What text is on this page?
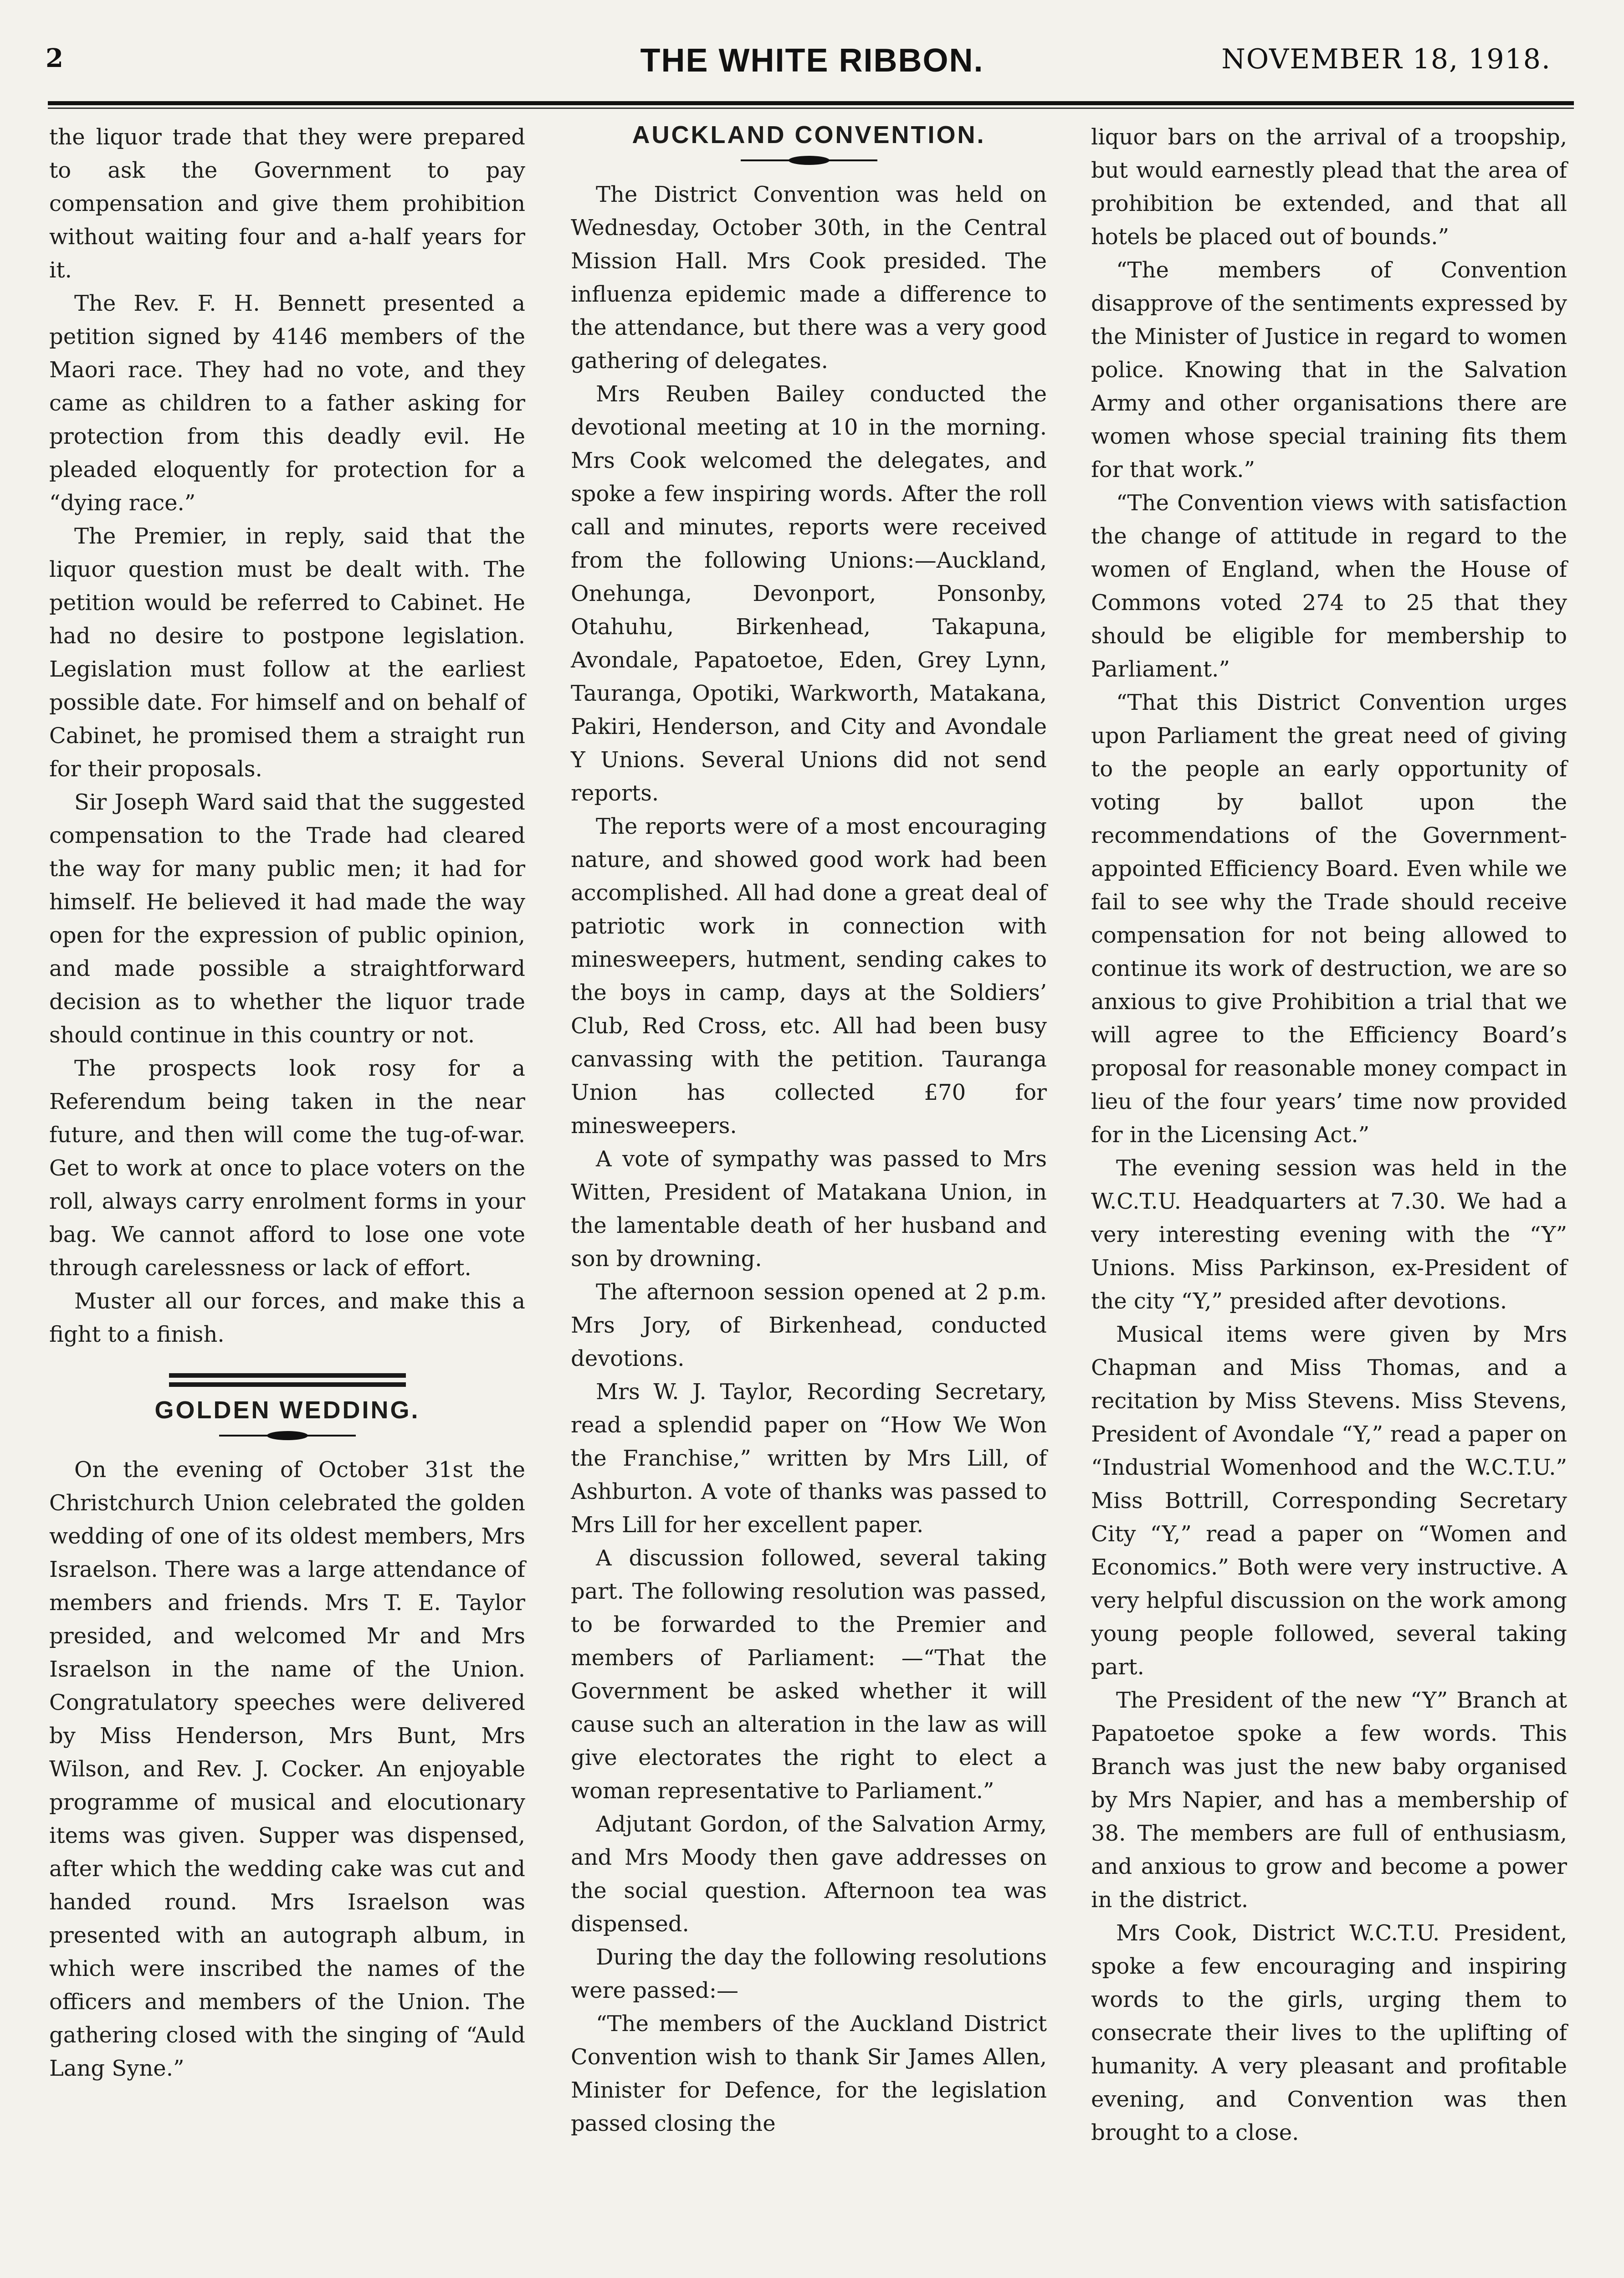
2	THE WHITE RIBBON.	NOVEMBER 18, 1918.

the liquor trade that they were prepared to ask the Government to pay compensation and give them prohibition without waiting four and a-half years for it.

The Rev. F. H. Bennett presented a petition signed by 4146 members of the Maori race. They had no vote, and they came as children to a father asking for protection from this deadly evil. He pleaded eloquently for protection for a “dying race.”

The Premier, in reply, said that the liquor question must be dealt with. The petition would be referred to Cabinet. He had no desire to postpone legislation. Legislation must follow at the earliest possible date. For himself and on behalf of Cabinet, he promised them a straight run for their proposals.

Sir Joseph Ward said that the suggested compensation to the Trade had cleared the way for many public men; it had for himself. He believed it had made the way open for the expression of public opinion, and made possible a straightforward decision as to whether the liquor trade should continue in this country or not.

The prospects look rosy for a Referendum being taken in the near future, and then will come the tug-of-war. Get to work at once to place voters on the roll, always carry enrolment forms in your bag. We cannot afford to lose one vote through carelessness or lack of effort.

Muster all our forces, and make this a fight to a finish.

GOLDEN WEDDING.

On the evening of October 31st the Christchurch Union celebrated the golden wedding of one of its oldest members, Mrs Israelson. There was a large attendance of members and friends. Mrs T. E. Taylor presided, and welcomed Mr and Mrs Israelson in the name of the Union. Congratulatory speeches were delivered by Miss Henderson, Mrs Bunt, Mrs Wilson, and Rev. J. Cocker. An enjoyable programme of musical and elocutionary items was given. Supper was dispensed, after which the wedding cake was cut and handed round. Mrs Israelson was presented with an autograph album, in which were inscribed the names of the officers and members of the Union. The gathering closed with the singing of “Auld Lang Syne.”

AUCKLAND CONVENTION.

The District Convention was held on Wednesday, October 30th, in the Central Mission Hall. Mrs Cook presided. The influenza epidemic made a difference to the attendance, but there was a very good gathering of delegates.

Mrs Reuben Bailey conducted the devotional meeting at 10 in the morning. Mrs Cook welcomed the delegates, and spoke a few inspiring words. After the roll call and minutes, reports were received from the following Unions:—Auckland, Onehunga, Devonport, Ponsonby, Otahuhu, Birkenhead, Takapuna, Avondale, Papatoetoe, Eden, Grey Lynn, Tauranga, Opotiki, Warkworth, Matakana, Pakiri, Henderson, and City and Avondale Y Unions. Several Unions did not send reports.

The reports were of a most encouraging nature, and showed good work had been accomplished. All had done a great deal of patriotic work in connection with minesweepers, hutment, sending cakes to the boys in camp, days at the Soldiers’ Club, Red Cross, etc. All had been busy canvassing with the petition. Tauranga Union has collected £70 for minesweepers.

A vote of sympathy was passed to Mrs Witten, President of Matakana Union, in the lamentable death of her husband and son by drowning.

The afternoon session opened at 2 p.m. Mrs Jory, of Birkenhead, conducted devotions.

Mrs W. J. Taylor, Recording Secretary, read a splendid paper on “How We Won the Franchise,” written by Mrs Lill, of Ashburton. A vote of thanks was passed to Mrs Lill for her excellent paper.

A discussion followed, several taking part. The following resolution was passed, to be forwarded to the Premier and members of Parliament: —“That the Government be asked whether it will cause such an alteration in the law as will give electorates the right to elect a woman representative to Parliament.”

Adjutant Gordon, of the Salvation Army, and Mrs Moody then gave addresses on the social question. Afternoon tea was dispensed.

During the day the following resolutions were passed:—

“The members of the Auckland District Convention wish to thank Sir James Allen, Minister for Defence, for the legislation passed closing the

liquor bars on the arrival of a troopship, but would earnestly plead that the area of prohibition be extended, and that all hotels be placed out of bounds.”

“The members of Convention disapprove of the sentiments expressed by the Minister of Justice in regard to women police. Knowing that in the Salvation Army and other organisations there are women whose special training fits them for that work.”

“The Convention views with satisfaction the change of attitude in regard to the women of England, when the House of Commons voted 274 to 25 that they should be eligible for membership to Parliament.”

“That this District Convention urges upon Parliament the great need of giving to the people an early opportunity of voting by ballot upon the recommendations of the Government-appointed Efficiency Board. Even while we fail to see why the Trade should receive compensation for not being allowed to continue its work of destruction, we are so anxious to give Prohibition a trial that we will agree to the Efficiency Board’s proposal for reasonable money compact in lieu of the four years’ time now provided for in the Licensing Act.”

The evening session was held in the W.C.T.U. Headquarters at 7.30. We had a very interesting evening with the “Y” Unions. Miss Parkinson, ex-President of the city “Y,” presided after devotions.

Musical items were given by Mrs Chapman and Miss Thomas, and a recitation by Miss Stevens. Miss Stevens, President of Avondale “Y,” read a paper on “Industrial Womenhood and the W.C.T.U.” Miss Bottrill, Corresponding Secretary City “Y,” read a paper on “Women and Economics.” Both were very instructive. A very helpful discussion on the work among young people followed, several taking part.

The President of the new “Y” Branch at Papatoetoe spoke a few words. This Branch was just the new baby organised by Mrs Napier, and has a membership of 38. The members are full of enthusiasm, and anxious to grow and become a power in the district.

Mrs Cook, District W.C.T.U. President, spoke a few encouraging and inspiring words to the girls, urging them to consecrate their lives to the uplifting of humanity. A very pleasant and profitable evening, and Convention was then brought to a close.
